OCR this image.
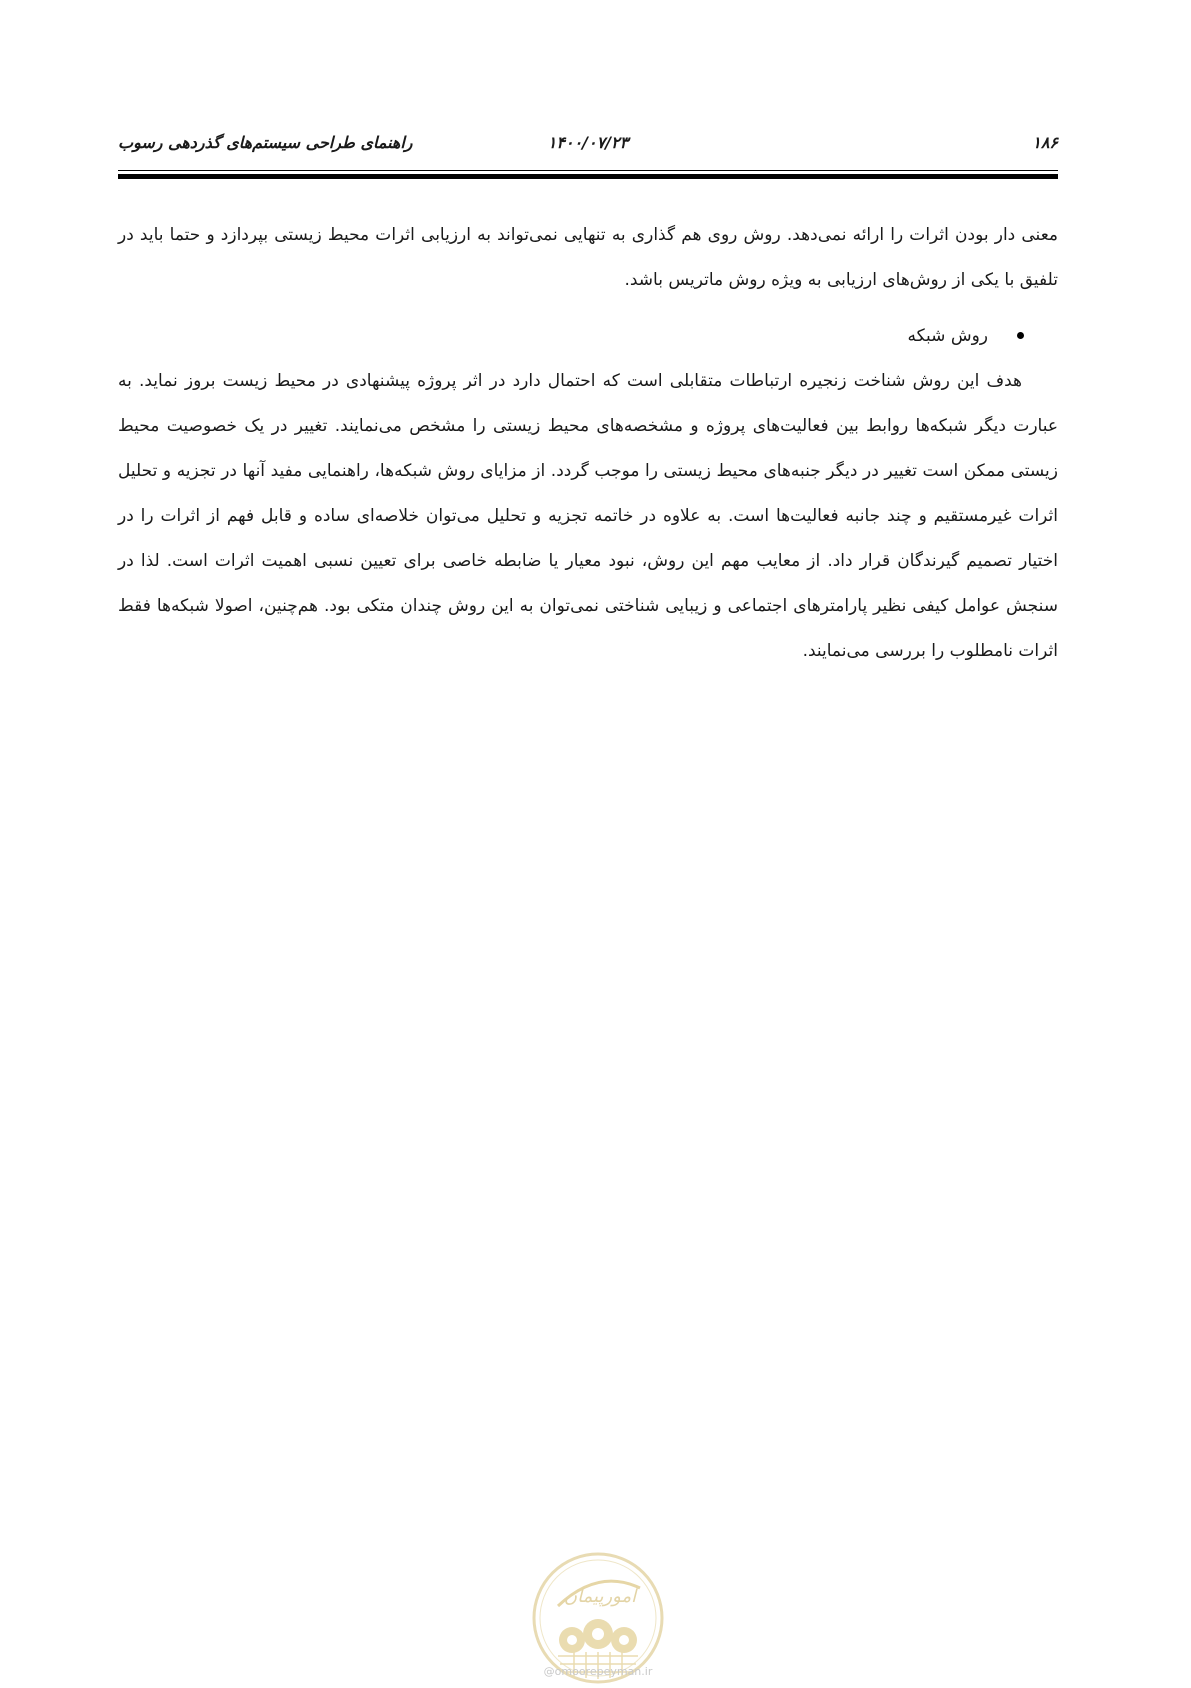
۱۸۶
۱۴۰۰/۰۷/۲۳
راهنمای طراحی سیستم‌های گذردهی رسوب

معنی دار بودن اثرات را ارائه نمی‌دهد. روش روی هم گذاری به تنهایی نمی‌تواند به ارزیابی اثرات محیط زیستی بپردازد و حتما باید در تلفیق با یکی از روش‌های ارزیابی به ویژه روش ماتریس باشد.

روش شبکه

هدف این روش شناخت زنجیره ارتباطات متقابلی است که احتمال دارد در اثر پروژه پیشنهادی در محیط زیست بروز نماید. به عبارت دیگر شبکه‌ها روابط بین فعالیت‌های پروژه و مشخصه‌های محیط زیستی را مشخص می‌نمایند. تغییر در یک خصوصیت محیط زیستی ممکن است تغییر در دیگر جنبه‌های محیط زیستی را موجب گردد. از مزایای روش شبکه‌ها، راهنمایی مفید آنها در تجزیه و تحلیل اثرات غیرمستقیم و چند جانبه فعالیت‌ها است. به علاوه در خاتمه تجزیه و تحلیل می‌توان خلاصه‌ای ساده و قابل فهم از اثرات را در اختیار تصمیم گیرندگان قرار داد. از معایب مهم این روش، نبود معیار یا ضابطه خاصی برای تعیین نسبی اهمیت اثرات است. لذا در سنجش عوامل کیفی نظیر پارامترهای اجتماعی و زیبایی شناختی نمی‌توان به این روش چندان متکی بود. هم‌چنین، اصولا شبکه‌ها فقط اثرات نامطلوب را بررسی می‌نمایند.

امورپیمان
@omoorepeyman.ir
